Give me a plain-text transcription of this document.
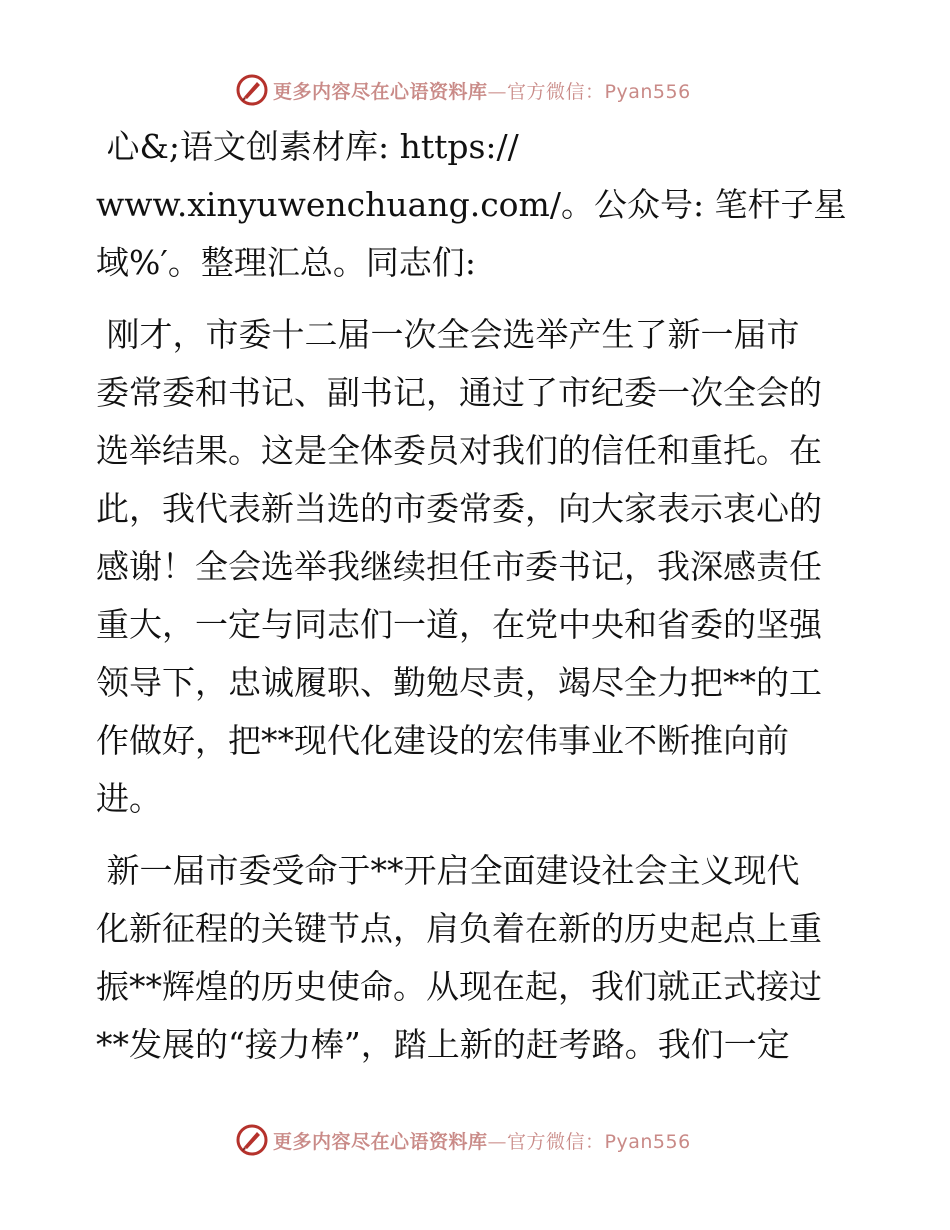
更多内容尽在心语资料库—官方微信：Pyan556
心&;语文创素材库: https://
www.xinyuwenchuang.com/。公众号: 笔杆子星
域%′。整理汇总。同志们:
刚才，市委十二届一次全会选举产生了新一届市
委常委和书记、副书记，通过了市纪委一次全会的
选举结果。这是全体委员对我们的信任和重托。在
此，我代表新当选的市委常委，向大家表示衷心的
感谢！全会选举我继续担任市委书记，我深感责任
重大，一定与同志们一道，在党中央和省委的坚强
领导下，忠诚履职、勤勉尽责，竭尽全力把**的工
作做好，把**现代化建设的宏伟事业不断推向前
进。
新一届市委受命于**开启全面建设社会主义现代
化新征程的关键节点，肩负着在新的历史起点上重
振**辉煌的历史使命。从现在起，我们就正式接过
**发展的“接力棒”，踏上新的赶考路。我们一定
更多内容尽在心语资料库—官方微信：Pyan556
